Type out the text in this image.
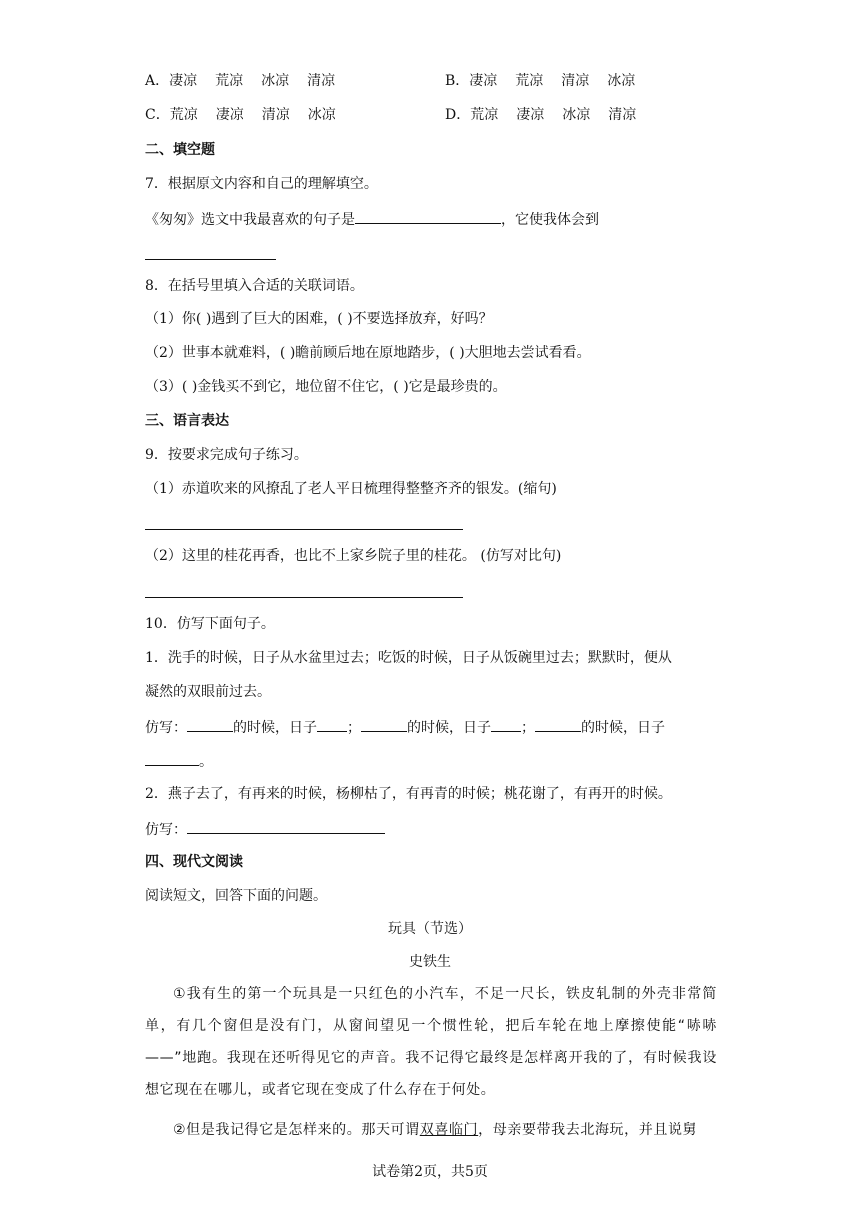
A．凄凉 荒凉 冰凉 清凉	B．凄凉 荒凉 清凉 冰凉
C．荒凉 凄凉 清凉 冰凉	D．荒凉 凄凉 冰凉 清凉
二、填空题
7．根据原文内容和自己的理解填空。
《匆匆》选文中我最喜欢的句子是	，它使我体会到
8．在括号里填入合适的关联词语。
（1）你( )遇到了巨大的困难，( )不要选择放弃，好吗？
（2）世事本就难料，( )瞻前顾后地在原地踏步，( )大胆地去尝试看看。
（3）( )金钱买不到它，地位留不住它，( )它是最珍贵的。
三、语言表达
9．按要求完成句子练习。
（1）赤道吹来的风撩乱了老人平日梳理得整整齐齐的银发。(缩句)
（2）这里的桂花再香，也比不上家乡院子里的桂花。 (仿写对比句)
10．仿写下面句子。
1．洗手的时候，日子从水盆里过去；吃饭的时候，日子从饭碗里过去；默默时，便从
凝然的双眼前过去。
仿写：	的时候，日子 ；	的时候，日子 ；	的时候，日子
。
2．燕子去了，有再来的时候，杨柳枯了，有再青的时候；桃花谢了，有再开的时候。
仿写：
四、现代文阅读
阅读短文，回答下面的问题。
玩具（节选）
史铁生
①我有生的第一个玩具是一只红色的小汽车，不足一尺长，铁皮轧制的外壳非常简单，有几个窗但是没有门，从窗间望见一个惯性轮，把后车轮在地上摩擦使能“哧哧——”地跑。我现在还听得见它的声音。我不记得它最终是怎样离开我的了，有时候我设想它现在在哪儿，或者它现在变成了什么存在于何处。
②但是我记得它是怎样来的。那天可谓双喜临门，母亲要带我去北海玩，并且说舅
试卷第2页，共5页
